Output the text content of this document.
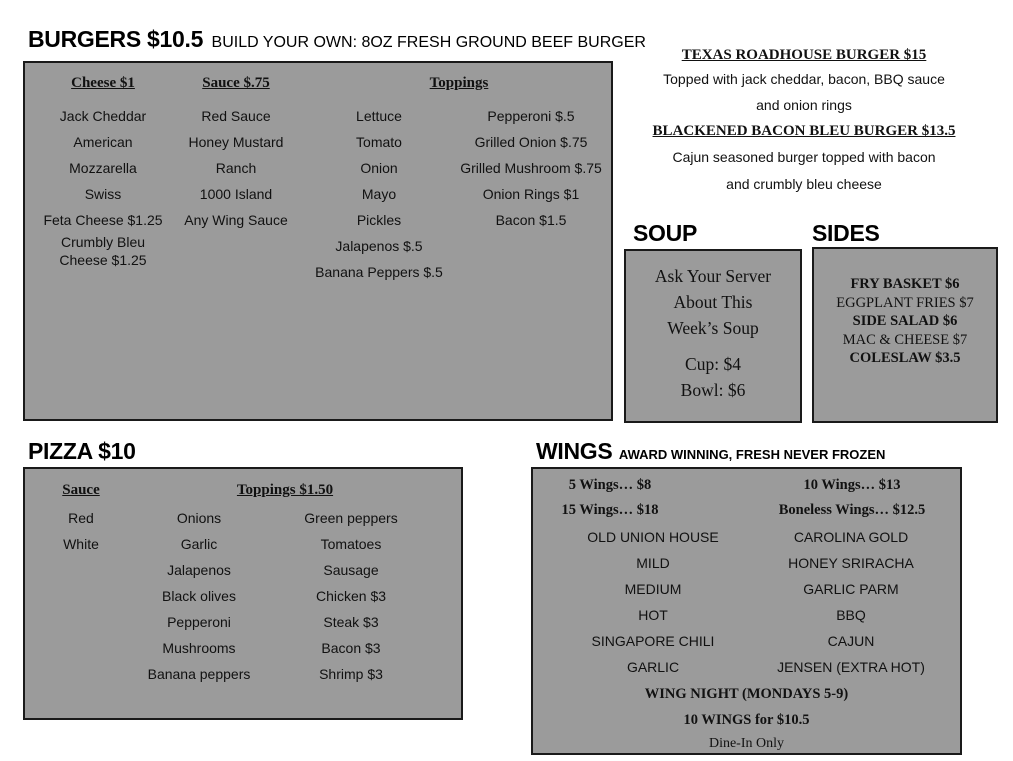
BURGERS $10.5 BUILD YOUR OWN: 8OZ FRESH GROUND BEEF BURGER
Cheese $1
Jack Cheddar
American
Mozzarella
Swiss
Feta Cheese $1.25
Crumbly Bleu
Cheese $1.25
Sauce $.75
Red Sauce
Honey Mustard
Ranch
1000 Island
Any Wing Sauce
Toppings
Lettuce
Tomato
Onion
Mayo
Pickles
Jalapenos $.5
Banana Peppers $.5
Pepperoni $.5
Grilled Onion $.75
Grilled Mushroom $.75
Onion Rings $1
Bacon $1.5
TEXAS ROADHOUSE BURGER $15
Topped with jack cheddar, bacon, BBQ sauce
and onion rings
BLACKENED BACON BLEU BURGER $13.5
Cajun seasoned burger topped with bacon
and crumbly bleu cheese
SOUP
Ask Your Server
About This
Week’s Soup
Cup: $4
Bowl: $6
SIDES
FRY BASKET $6
EGGPLANT FRIES $7
SIDE SALAD $6
MAC & CHEESE $7
COLESLAW $3.5
PIZZA $10
Sauce
Red
White
Toppings $1.50
Onions
Garlic
Jalapenos
Black olives
Pepperoni
Mushrooms
Banana peppers
Green peppers
Tomatoes
Sausage
Chicken $3
Steak $3
Bacon $3
Shrimp $3
WINGS AWARD WINNING, FRESH NEVER FROZEN
5 Wings… $8
15 Wings… $18
10 Wings… $13
Boneless Wings… $12.5
OLD UNION HOUSE
MILD
MEDIUM
HOT
SINGAPORE CHILI
GARLIC
CAROLINA GOLD
HONEY SRIRACHA
GARLIC PARM
BBQ
CAJUN
JENSEN (EXTRA HOT)
WING NIGHT (MONDAYS 5-9)
10 WINGS for $10.5
Dine-In Only
